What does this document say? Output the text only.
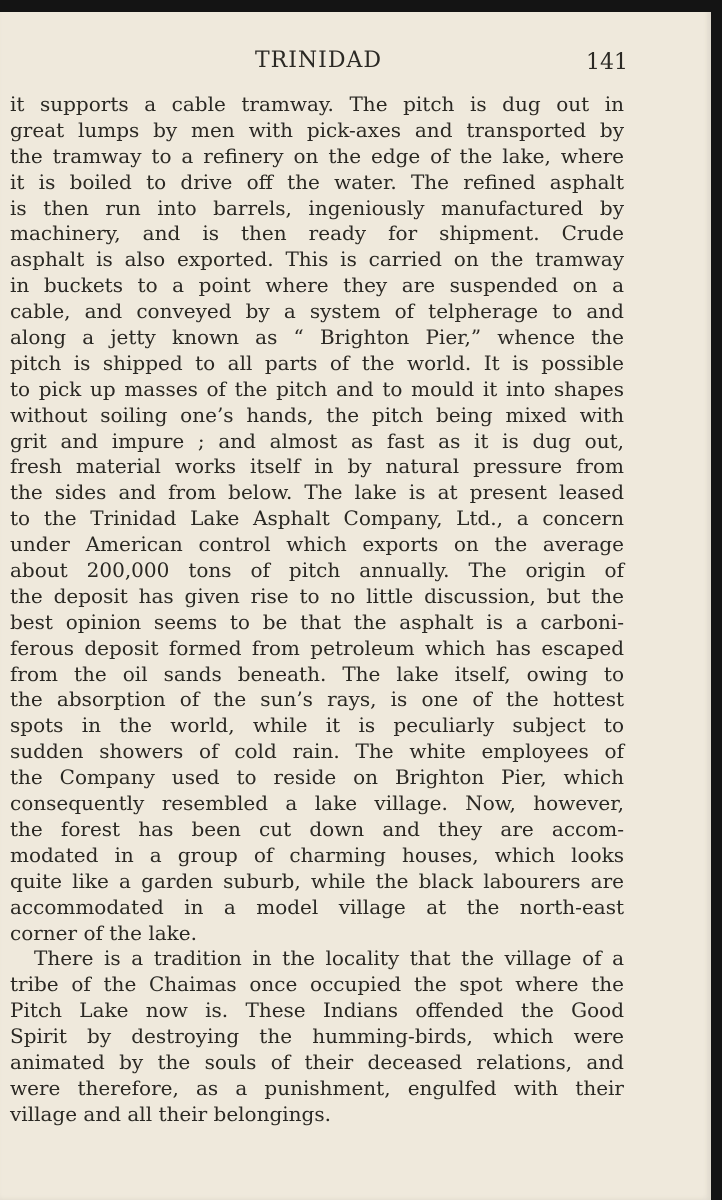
TRINIDAD	141
it supports a cable tramway. The pitch is dug out in
great lumps by men with pick-axes and transported by
the tramway to a refinery on the edge of the lake, where
it is boiled to drive off the water. The refined asphalt
is then run into barrels, ingeniously manufactured by
machinery, and is then ready for shipment. Crude
asphalt is also exported. This is carried on the tramway
in buckets to a point where they are suspended on a
cable, and conveyed by a system of telpherage to and
along a jetty known as “ Brighton Pier,” whence the
pitch is shipped to all parts of the world. It is possible
to pick up masses of the pitch and to mould it into shapes
without soiling one’s hands, the pitch being mixed with
grit and impure ; and almost as fast as it is dug out,
fresh material works itself in by natural pressure from
the sides and from below. The lake is at present leased
to the Trinidad Lake Asphalt Company, Ltd., a concern
under American control which exports on the average
about 200,000 tons of pitch annually. The origin of
the deposit has given rise to no little discussion, but the
best opinion seems to be that the asphalt is a carboni-
ferous deposit formed from petroleum which has escaped
from the oil sands beneath. The lake itself, owing to
the absorption of the sun’s rays, is one of the hottest
spots in the world, while it is peculiarly subject to
sudden showers of cold rain. The white employees of
the Company used to reside on Brighton Pier, which
consequently resembled a lake village. Now, however,
the forest has been cut down and they are accom-
modated in a group of charming houses, which looks
quite like a garden suburb, while the black labourers are
accommodated in a model village at the north-east
corner of the lake.
There is a tradition in the locality that the village of a
tribe of the Chaimas once occupied the spot where the
Pitch Lake now is. These Indians offended the Good
Spirit by destroying the humming-birds, which were
animated by the souls of their deceased relations, and
were therefore, as a punishment, engulfed with their
village and all their belongings.
